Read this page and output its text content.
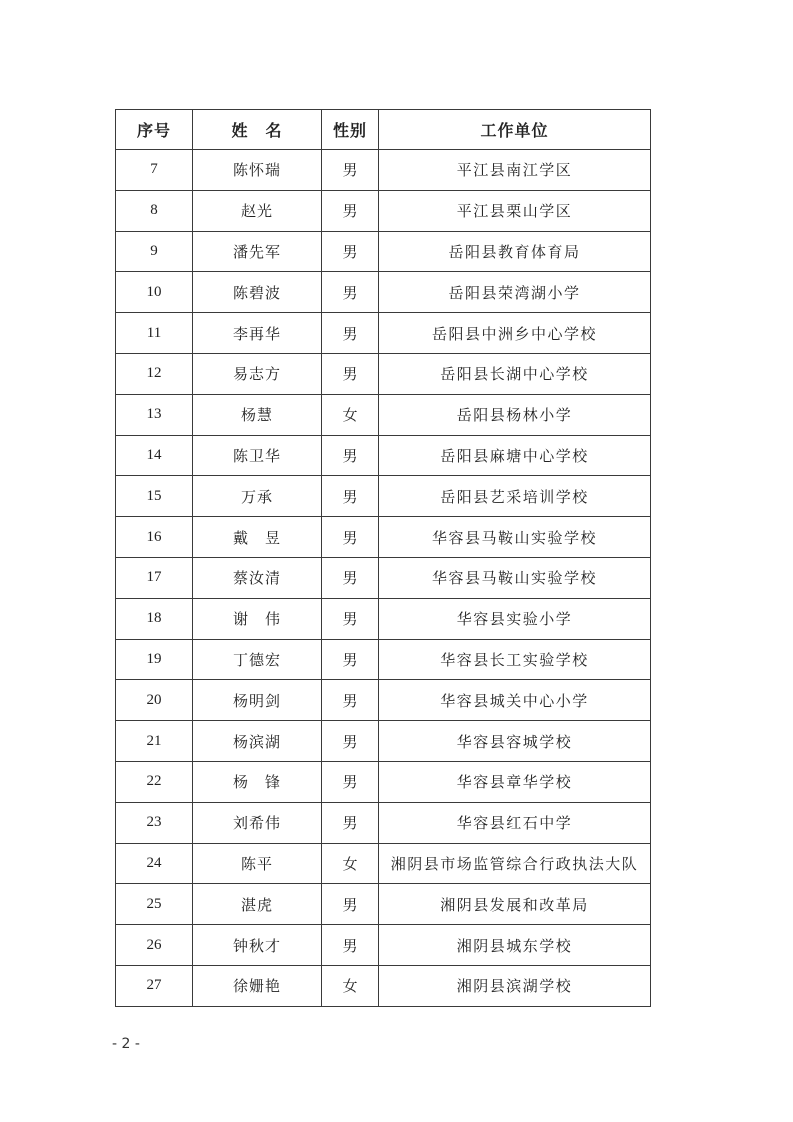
序号	姓　名	性别	工作单位
7	陈怀瑞	男	平江县南江学区
8	赵光	男	平江县栗山学区
9	潘先军	男	岳阳县教育体育局
10	陈碧波	男	岳阳县荣湾湖小学
11	李再华	男	岳阳县中洲乡中心学校
12	易志方	男	岳阳县长湖中心学校
13	杨慧	女	岳阳县杨林小学
14	陈卫华	男	岳阳县麻塘中心学校
15	万承	男	岳阳县艺采培训学校
16	戴　昱	男	华容县马鞍山实验学校
17	蔡汝清	男	华容县马鞍山实验学校
18	谢　伟	男	华容县实验小学
19	丁德宏	男	华容县长工实验学校
20	杨明剑	男	华容县城关中心小学
21	杨滨湖	男	华容县容城学校
22	杨　锋	男	华容县章华学校
23	刘希伟	男	华容县红石中学
24	陈平	女	湘阴县市场监管综合行政执法大队
25	湛虎	男	湘阴县发展和改革局
26	钟秋才	男	湘阴县城东学校
27	徐姗艳	女	湘阴县滨湖学校
- 2 -
